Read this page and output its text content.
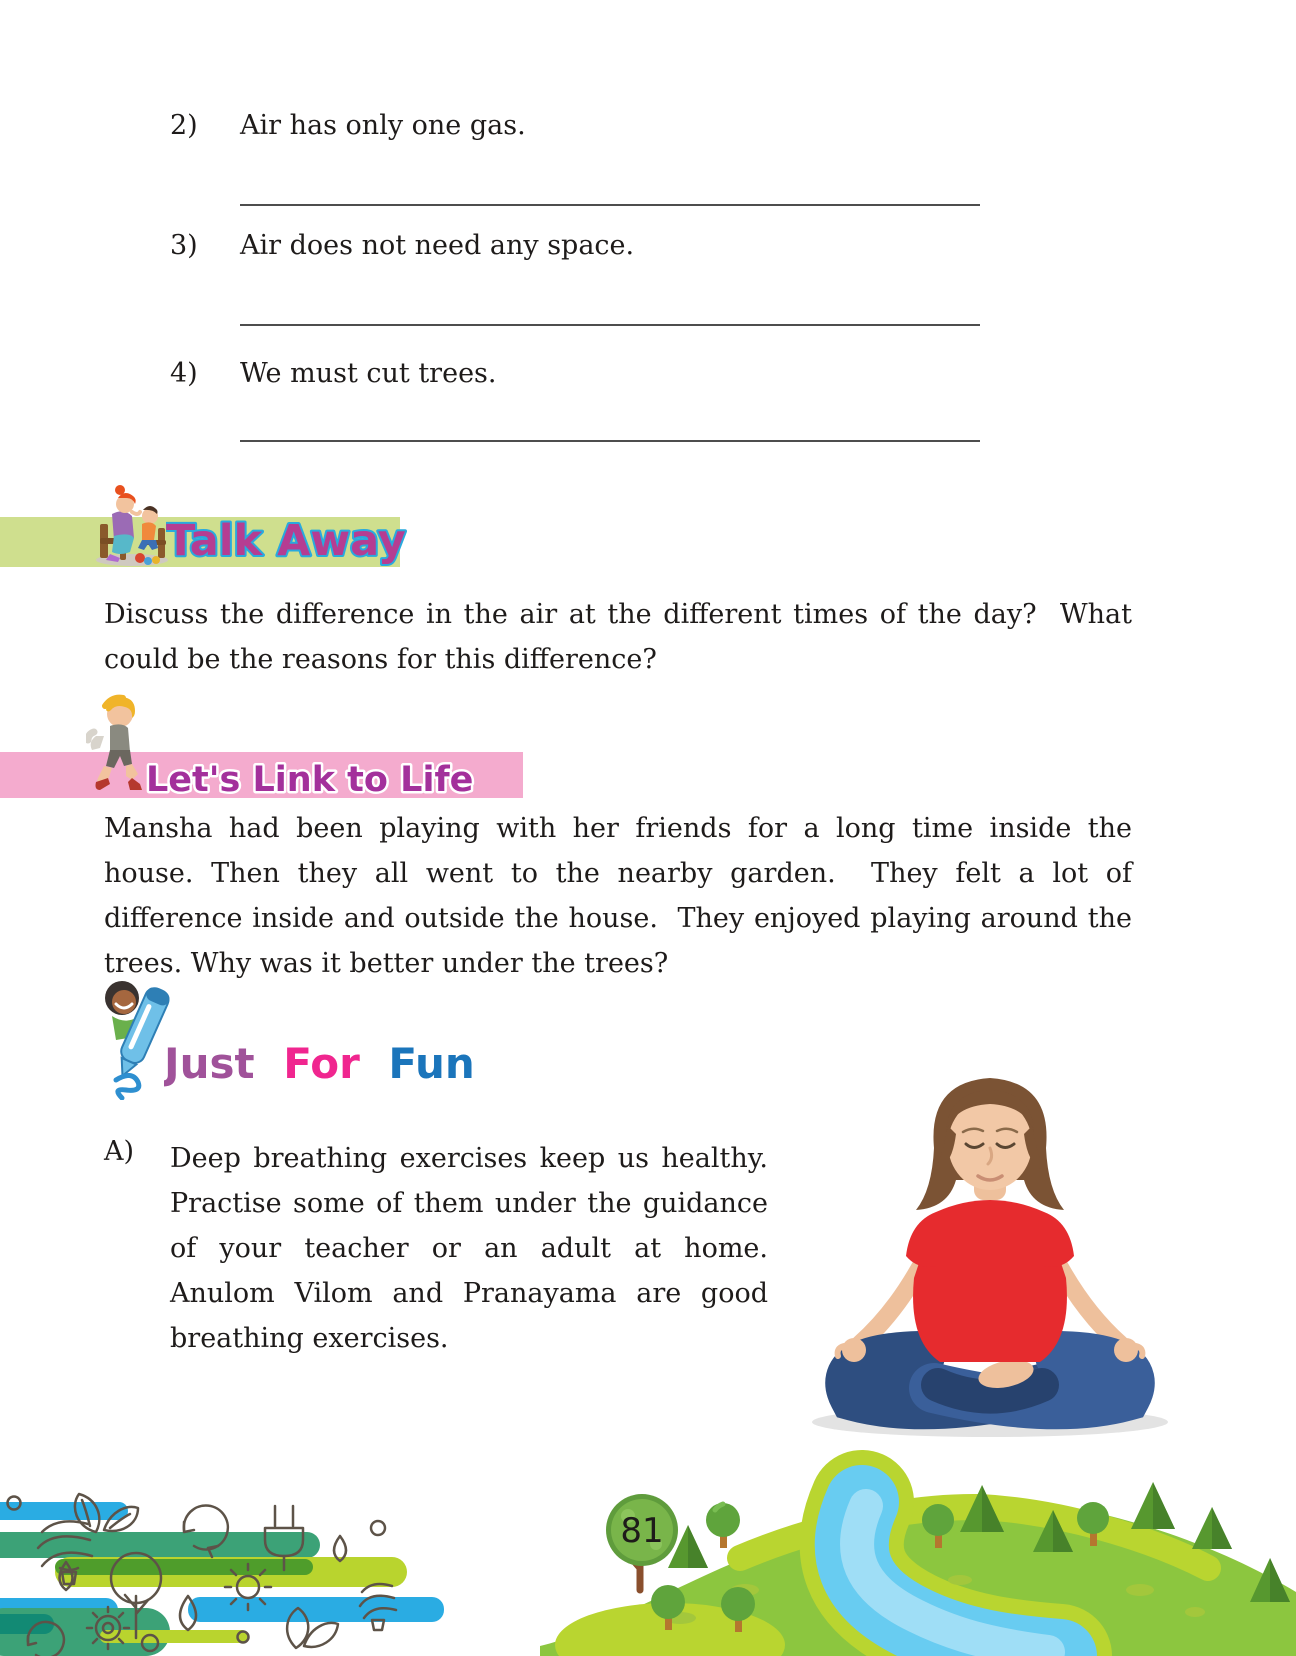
2) Air has only one gas.
3) Air does not need any space.
4) We must cut trees.
Talk Away
Discuss the difference in the air at the different times of the day?  What could be the reasons for this difference?
Let's Link to Life
Mansha had been playing with her friends for a long time inside the house. Then they all went to the nearby garden.  They felt a lot of difference inside and outside the house.  They enjoyed playing around the trees. Why was it better under the trees?
Just For Fun
A) Deep breathing exercises keep us healthy. Practise some of them under the guidance of your teacher or an adult at home.  Anulom Vilom and Pranayama are good breathing exercises.
81
